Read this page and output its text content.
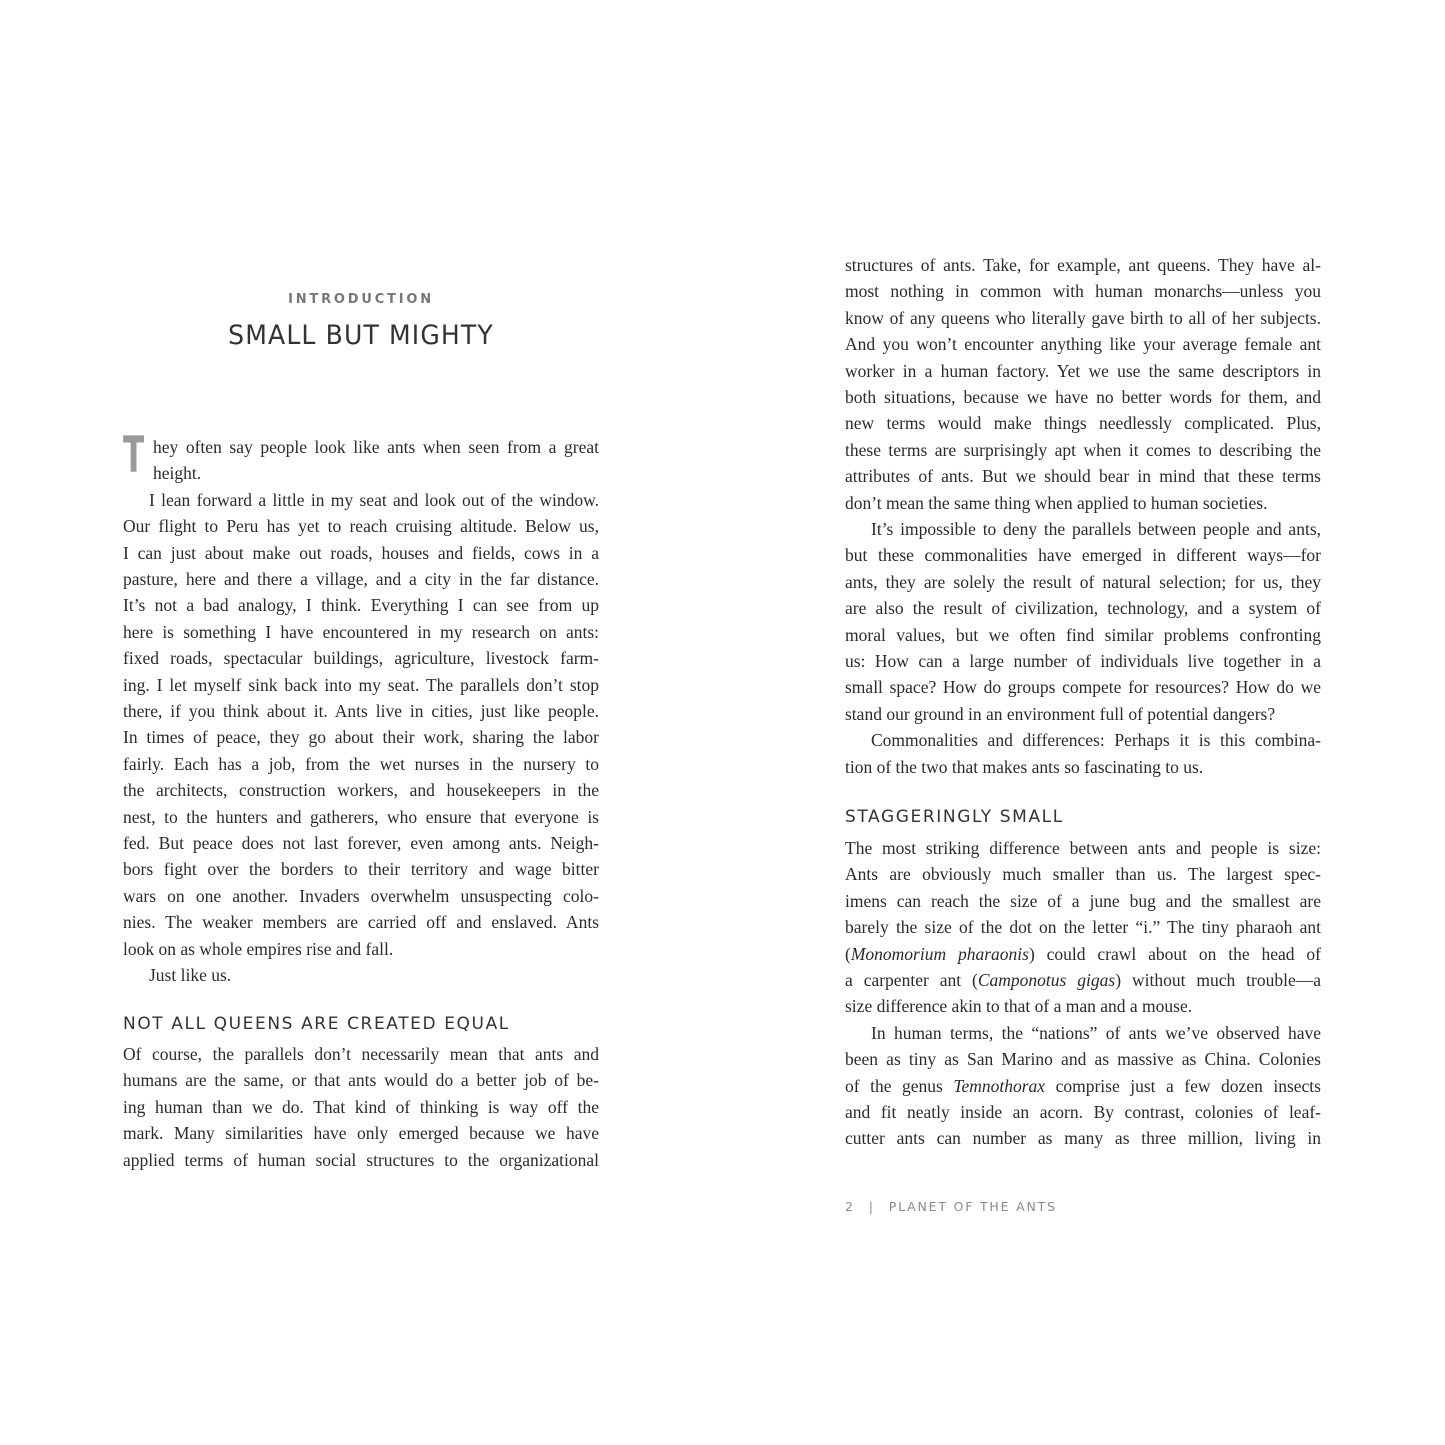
INTRODUCTION
SMALL BUT MIGHTY
T hey often say people look like ants when seen from a great
height.
I lean forward a little in my seat and look out of the window.
Our flight to Peru has yet to reach cruising altitude. Below us,
I can just about make out roads, houses and fields, cows in a
pasture, here and there a village, and a city in the far distance.
It’s not a bad analogy, I think. Everything I can see from up
here is something I have encountered in my research on ants:
fixed roads, spectacular buildings, agriculture, livestock farm-
ing. I let myself sink back into my seat. The parallels don’t stop
there, if you think about it. Ants live in cities, just like people.
In times of peace, they go about their work, sharing the labor
fairly. Each has a job, from the wet nurses in the nursery to
the architects, construction workers, and housekeepers in the
nest, to the hunters and gatherers, who ensure that everyone is
fed. But peace does not last forever, even among ants. Neigh-
bors fight over the borders to their territory and wage bitter
wars on one another. Invaders overwhelm unsuspecting colo-
nies. The weaker members are carried off and enslaved. Ants
look on as whole empires rise and fall.
Just like us.
NOT ALL QUEENS ARE CREATED EQUAL
Of course, the parallels don’t necessarily mean that ants and
humans are the same, or that ants would do a better job of be-
ing human than we do. That kind of thinking is way off the
mark. Many similarities have only emerged because we have
applied terms of human social structures to the organizational
structures of ants. Take, for example, ant queens. They have al-
most nothing in common with human monarchs—unless you
know of any queens who literally gave birth to all of her subjects.
And you won’t encounter anything like your average female ant
worker in a human factory. Yet we use the same descriptors in
both situations, because we have no better words for them, and
new terms would make things needlessly complicated. Plus,
these terms are surprisingly apt when it comes to describing the
attributes of ants. But we should bear in mind that these terms
don’t mean the same thing when applied to human societies.
It’s impossible to deny the parallels between people and ants,
but these commonalities have emerged in different ways—for
ants, they are solely the result of natural selection; for us, they
are also the result of civilization, technology, and a system of
moral values, but we often find similar problems confronting
us: How can a large number of individuals live together in a
small space? How do groups compete for resources? How do we
stand our ground in an environment full of potential dangers?
Commonalities and differences: Perhaps it is this combina-
tion of the two that makes ants so fascinating to us.
STAGGERINGLY SMALL
The most striking difference between ants and people is size:
Ants are obviously much smaller than us. The largest spec-
imens can reach the size of a june bug and the smallest are
barely the size of the dot on the letter “i.” The tiny pharaoh ant
(Monomorium pharaonis) could crawl about on the head of
a carpenter ant (Camponotus gigas) without much trouble—a
size difference akin to that of a man and a mouse.
In human terms, the “nations” of ants we’ve observed have
been as tiny as San Marino and as massive as China. Colonies
of the genus Temnothorax comprise just a few dozen insects
and fit neatly inside an acorn. By contrast, colonies of leaf-
cutter ants can number as many as three million, living in
2 | PLANET OF THE ANTS
